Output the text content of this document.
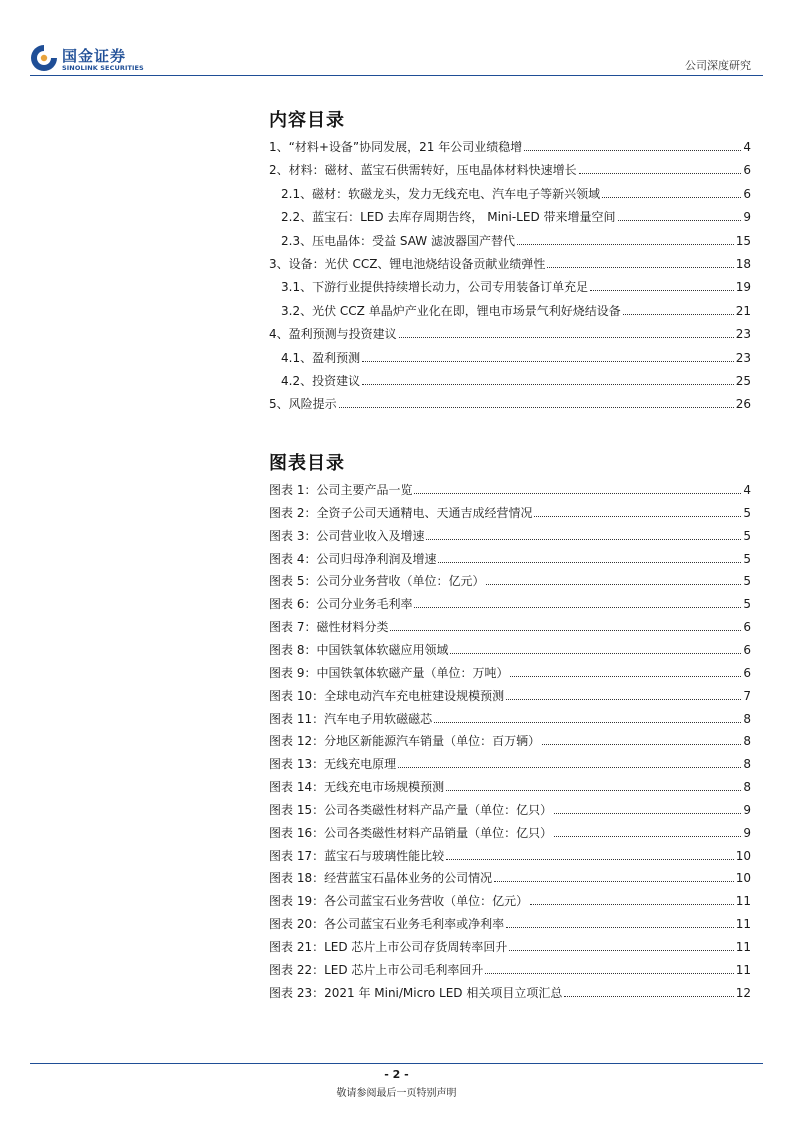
国金证券
SINOLINK SECURITIES	公司深度研究
内容目录
1、“材料+设备”协同发展，21 年公司业绩稳增	4
2、材料：磁材、蓝宝石供需转好，压电晶体材料快速增长	6
2.1、磁材：软磁龙头，发力无线充电、汽车电子等新兴领域	6
2.2、蓝宝石：LED 去库存周期告终， Mini-LED 带来增量空间	9
2.3、压电晶体：受益 SAW 滤波器国产替代	15
3、设备：光伏 CCZ、锂电池烧结设备贡献业绩弹性	18
3.1、下游行业提供持续增长动力，公司专用装备订单充足	19
3.2、光伏 CCZ 单晶炉产业化在即，锂电市场景气利好烧结设备	21
4、盈利预测与投资建议	23
4.1、盈利预测	23
4.2、投资建议	25
5、风险提示	26
图表目录
图表 1：公司主要产品一览	4
图表 2：全资子公司天通精电、天通吉成经营情况	5
图表 3：公司营业收入及增速	5
图表 4：公司归母净利润及增速	5
图表 5：公司分业务营收（单位：亿元）	5
图表 6：公司分业务毛利率	5
图表 7：磁性材料分类	6
图表 8：中国铁氧体软磁应用领域	6
图表 9：中国铁氧体软磁产量（单位：万吨）	6
图表 10：全球电动汽车充电桩建设规模预测	7
图表 11：汽车电子用软磁磁芯	8
图表 12：分地区新能源汽车销量（单位：百万辆）	8
图表 13：无线充电原理	8
图表 14：无线充电市场规模预测	8
图表 15：公司各类磁性材料产品产量（单位：亿只）	9
图表 16：公司各类磁性材料产品销量（单位：亿只）	9
图表 17：蓝宝石与玻璃性能比较	10
图表 18：经营蓝宝石晶体业务的公司情况	10
图表 19：各公司蓝宝石业务营收（单位：亿元）	11
图表 20：各公司蓝宝石业务毛利率或净利率	11
图表 21：LED 芯片上市公司存货周转率回升	11
图表 22：LED 芯片上市公司毛利率回升	11
图表 23：2021 年 Mini/Micro LED 相关项目立项汇总	12
- 2 -
敬请参阅最后一页特别声明
